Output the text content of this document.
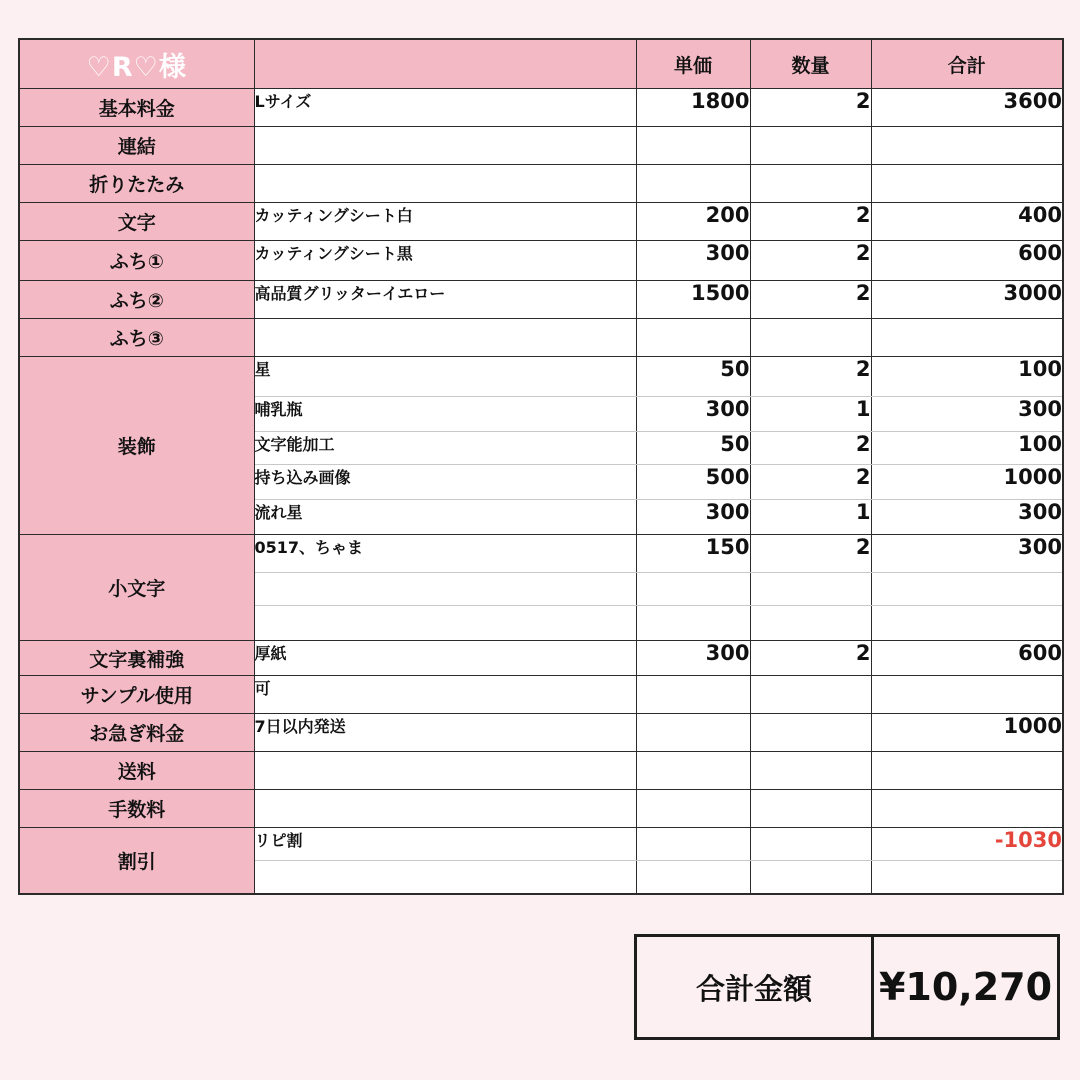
♡R♡様		単価	数量	合計
基本料金	Lサイズ	1800	2	3600
連結				
折りたたみ				
文字	カッティングシート白	200	2	400
ふち①	カッティングシート黒	300	2	600
ふち②	高品質グリッターイエロー	1500	2	3000
ふち③				
装飾	星	50	2	100
	哺乳瓶	300	1	300
	文字能加工	50	2	100
	持ち込み画像	500	2	1000
	流れ星	300	1	300
小文字	0517、ちゃま	150	2	300

文字裏補強	厚紙	300	2	600
サンプル使用	可			
お急ぎ料金	7日以内発送			1000
送料				
手数料				
割引	リピ割			-1030

合計金額	¥10,270
